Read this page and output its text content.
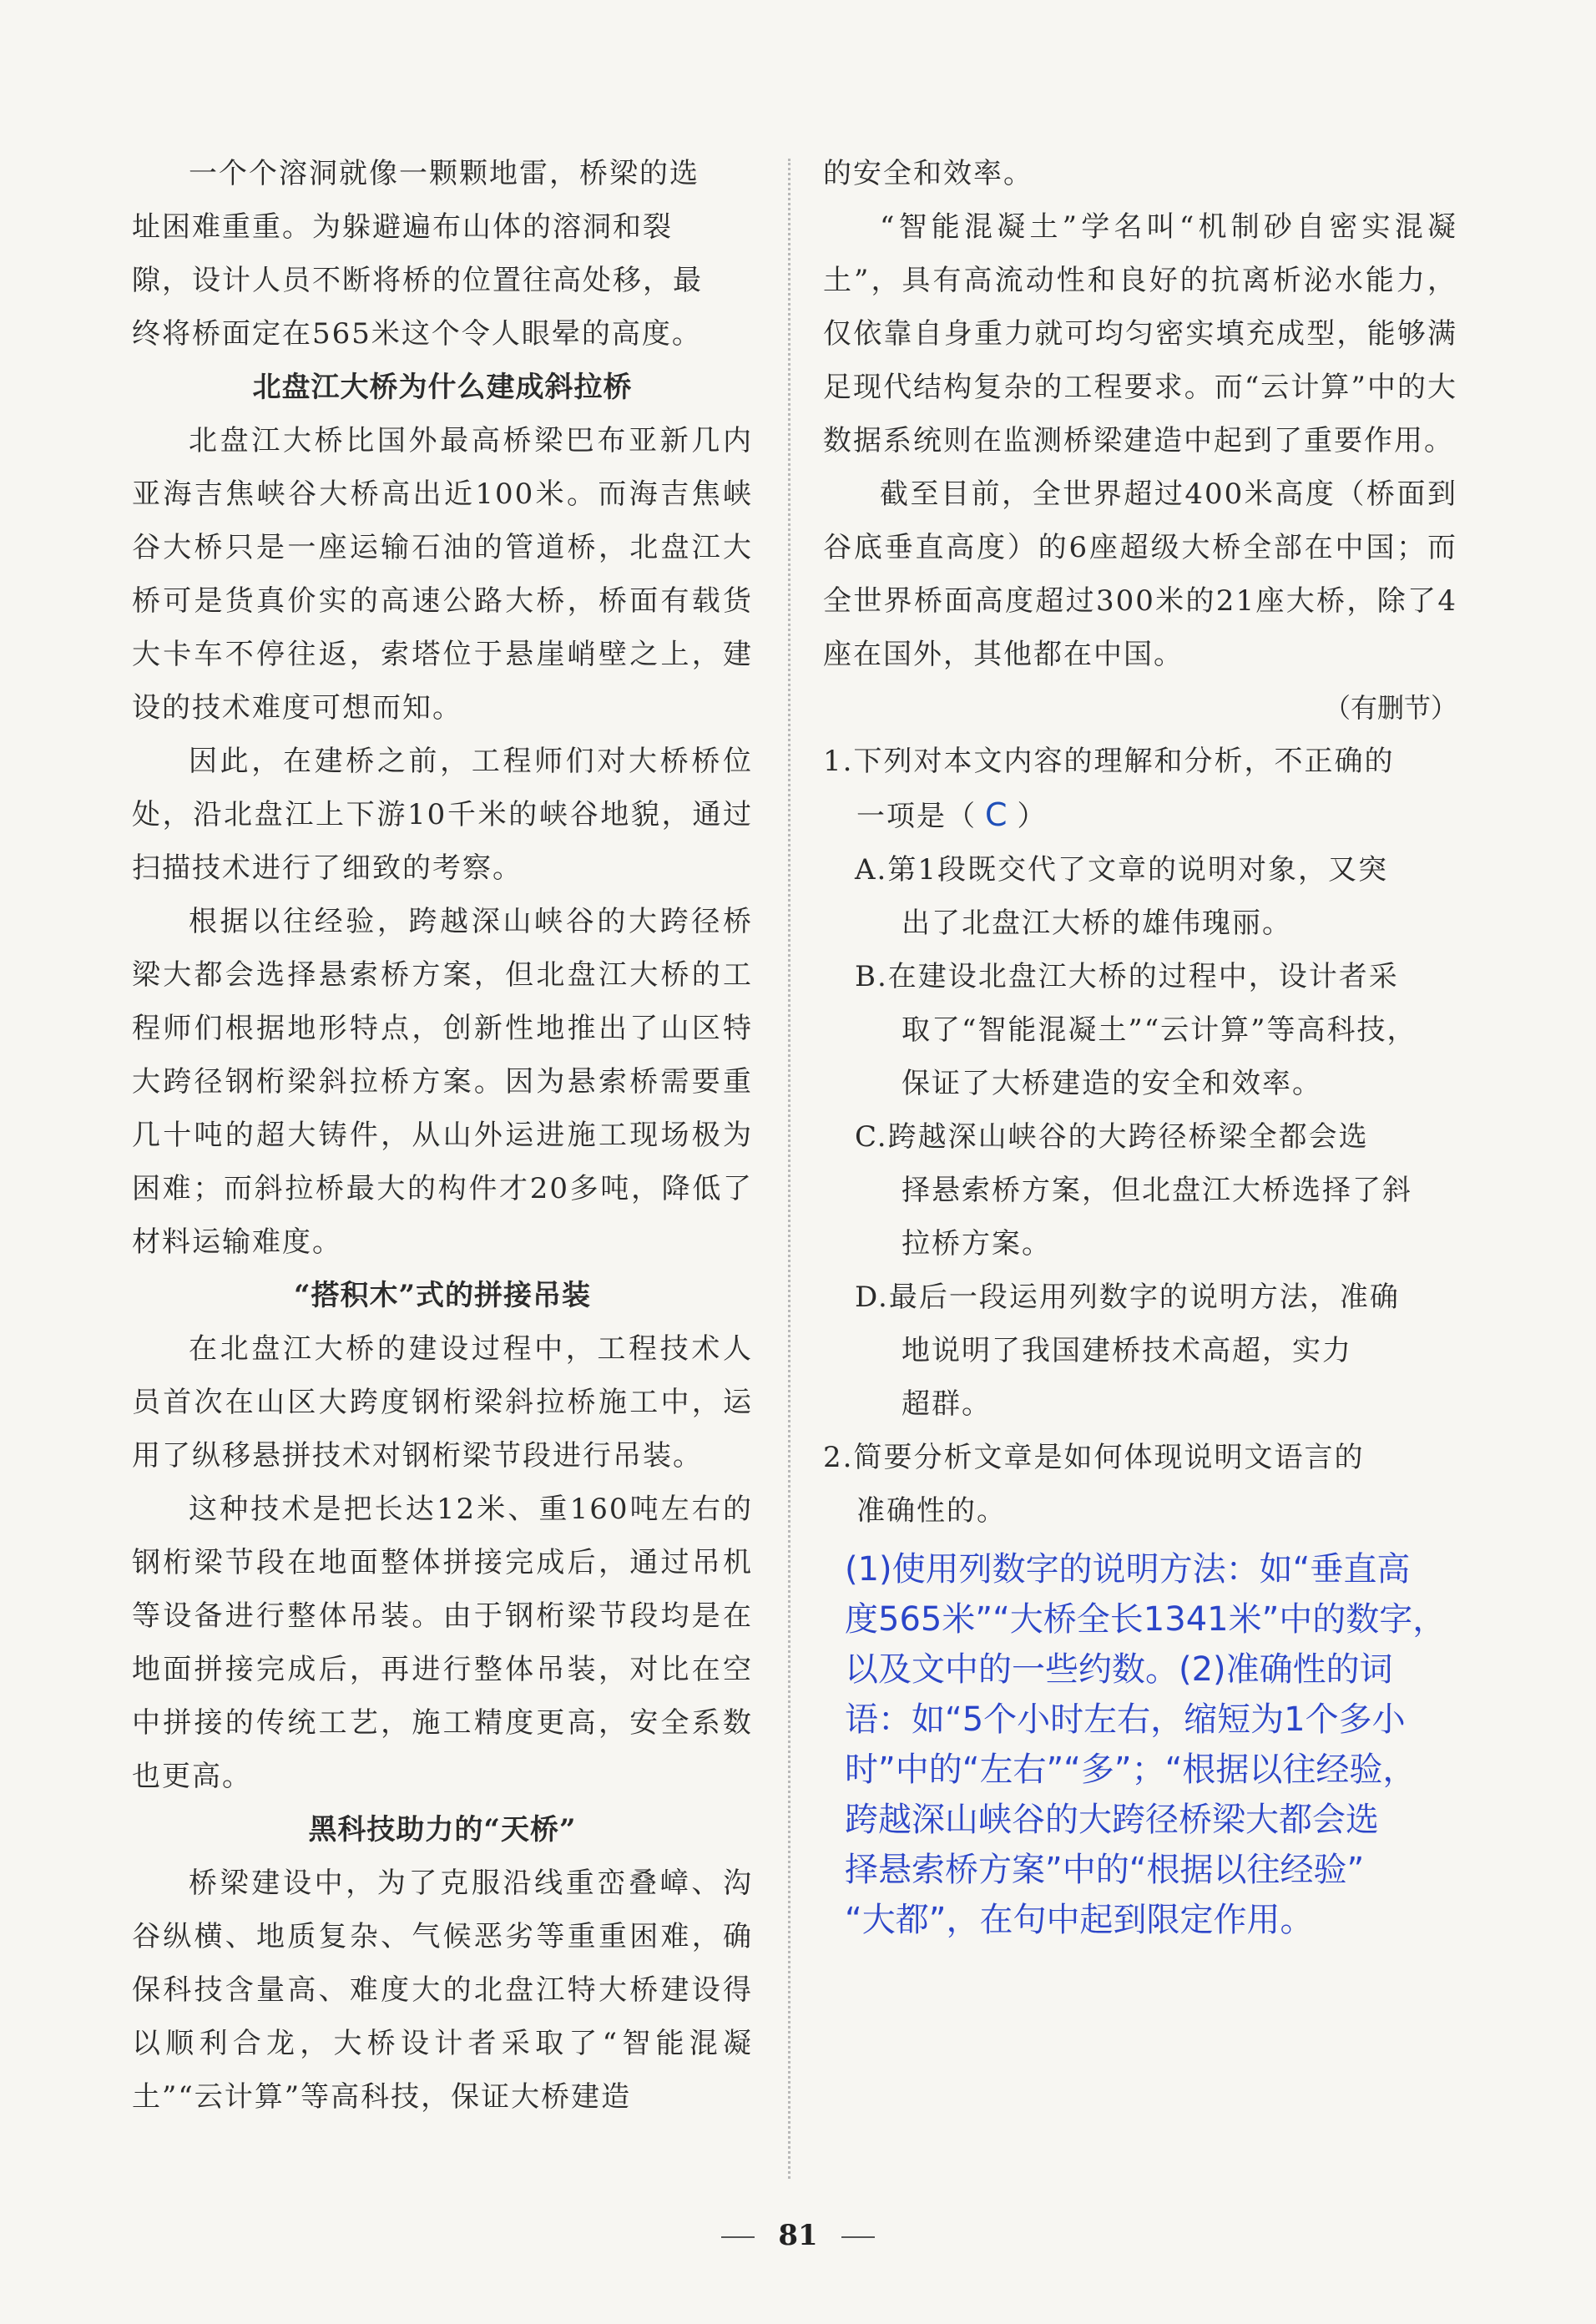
一个个溶洞就像一颗颗地雷，桥梁的选
址困难重重。为躲避遍布山体的溶洞和裂
隙，设计人员不断将桥的位置往高处移，最
终将桥面定在565米这个令人眼晕的高度。

北盘江大桥为什么建成斜拉桥

北盘江大桥比国外最高桥梁巴布亚新几内亚海吉焦峡谷大桥高出近100米。而海吉焦峡谷大桥只是一座运输石油的管道桥，北盘江大桥可是货真价实的高速公路大桥，桥面有载货大卡车不停往返，索塔位于悬崖峭壁之上，建设的技术难度可想而知。

因此，在建桥之前，工程师们对大桥桥位处，沿北盘江上下游10千米的峡谷地貌，通过扫描技术进行了细致的考察。

根据以往经验，跨越深山峡谷的大跨径桥梁大都会选择悬索桥方案，但北盘江大桥的工程师们根据地形特点，创新性地推出了山区特大跨径钢桁梁斜拉桥方案。因为悬索桥需要重几十吨的超大铸件，从山外运进施工现场极为困难；而斜拉桥最大的构件才20多吨，降低了材料运输难度。

“搭积木”式的拼接吊装

在北盘江大桥的建设过程中，工程技术人员首次在山区大跨度钢桁梁斜拉桥施工中，运用了纵移悬拼技术对钢桁梁节段进行吊装。

这种技术是把长达12米、重160吨左右的钢桁梁节段在地面整体拼接完成后，通过吊机等设备进行整体吊装。由于钢桁梁节段均是在地面拼接完成后，再进行整体吊装，对比在空中拼接的传统工艺，施工精度更高，安全系数也更高。

黑科技助力的“天桥”

桥梁建设中，为了克服沿线重峦叠嶂、沟谷纵横、地质复杂、气候恶劣等重重困难，确保科技含量高、难度大的北盘江特大桥建设得以顺利合龙，大桥设计者采取了“智能混凝土”“云计算”等高科技，保证大桥建造

的安全和效率。

“智能混凝土”学名叫“机制砂自密实混凝土”，具有高流动性和良好的抗离析泌水能力，仅依靠自身重力就可均匀密实填充成型，能够满足现代结构复杂的工程要求。而“云计算”中的大数据系统则在监测桥梁建造中起到了重要作用。

截至目前，全世界超过400米高度（桥面到谷底垂直高度）的6座超级大桥全部在中国；而全世界桥面高度超过300米的21座大桥，除了4座在国外，其他都在中国。

（有删节）

1.下列对本文内容的理解和分析，不正确的
一项是（ C ）
A.第1段既交代了文章的说明对象，又突
出了北盘江大桥的雄伟瑰丽。
B.在建设北盘江大桥的过程中，设计者采
取了“智能混凝土”“云计算”等高科技，
保证了大桥建造的安全和效率。
C.跨越深山峡谷的大跨径桥梁全都会选
择悬索桥方案，但北盘江大桥选择了斜
拉桥方案。
D.最后一段运用列数字的说明方法，准确
地说明了我国建桥技术高超，实力
超群。
2.简要分析文章是如何体现说明文语言的
准确性的。
(1)使用列数字的说明方法：如“垂直高
度565米”“大桥全长1341米”中的数字，
以及文中的一些约数。(2)准确性的词
语：如“5个小时左右，缩短为1个多小
时”中的“左右”“多”；“根据以往经验，
跨越深山峡谷的大跨径桥梁大都会选
择悬索桥方案”中的“根据以往经验”
“大都”，在句中起到限定作用。
81
